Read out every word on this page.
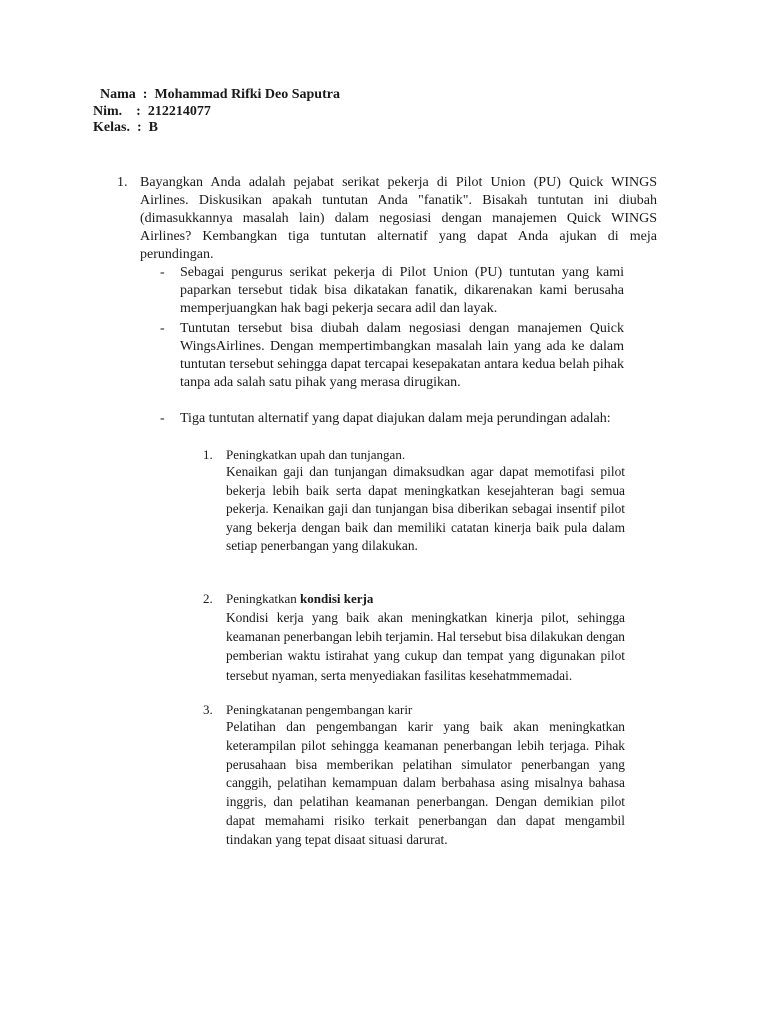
Nama  :  Mohammad Rifki Deo Saputra
Nim.    :  212214077
Kelas.  :  B
1. Bayangkan Anda adalah pejabat serikat pekerja di Pilot Union (PU) Quick WINGS Airlines. Diskusikan apakah tuntutan Anda "fanatik". Bisakah tuntutan ini diubah (dimasukkannya masalah lain) dalam negosiasi dengan manajemen Quick WINGS Airlines? Kembangkan tiga tuntutan alternatif yang dapat Anda ajukan di meja perundingan.
- Sebagai pengurus serikat pekerja di Pilot Union (PU) tuntutan yang kami paparkan tersebut tidak bisa dikatakan fanatik, dikarenakan kami berusaha memperjuangkan hak bagi pekerja secara adil dan layak.
- Tuntutan tersebut bisa diubah dalam negosiasi dengan manajemen Quick WingsAirlines. Dengan mempertimbangkan masalah lain yang ada ke dalam tuntutan tersebut sehingga dapat tercapai kesepakatan antara kedua belah pihak tanpa ada salah satu pihak yang merasa dirugikan.
- Tiga tuntutan alternatif yang dapat diajukan dalam meja perundingan adalah:
1. Peningkatkan upah dan tunjangan.
Kenaikan gaji dan tunjangan dimaksudkan agar dapat memotifasi pilot bekerja lebih baik serta dapat meningkatkan kesejahteran bagi semua pekerja. Kenaikan gaji dan tunjangan bisa diberikan sebagai insentif pilot yang bekerja dengan baik dan memiliki catatan kinerja baik pula dalam setiap penerbangan yang dilakukan.
2. Peningkatkan kondisi kerja
Kondisi kerja yang baik akan meningkatkan kinerja pilot, sehingga keamanan penerbangan lebih terjamin. Hal tersebut bisa dilakukan dengan pemberian waktu istirahat yang cukup dan tempat yang digunakan pilot tersebut nyaman, serta menyediakan fasilitas kesehatmmemadai.
3. Peningkatanan pengembangan karir
Pelatihan dan pengembangan karir yang baik akan meningkatkan keterampilan pilot sehingga keamanan penerbangan lebih terjaga. Pihak perusahaan bisa memberikan pelatihan simulator penerbangan yang canggih, pelatihan kemampuan dalam berbahasa asing misalnya bahasa inggris, dan pelatihan keamanan penerbangan. Dengan demikian pilot dapat memahami risiko terkait penerbangan dan dapat mengambil tindakan yang tepat disaat situasi darurat.
